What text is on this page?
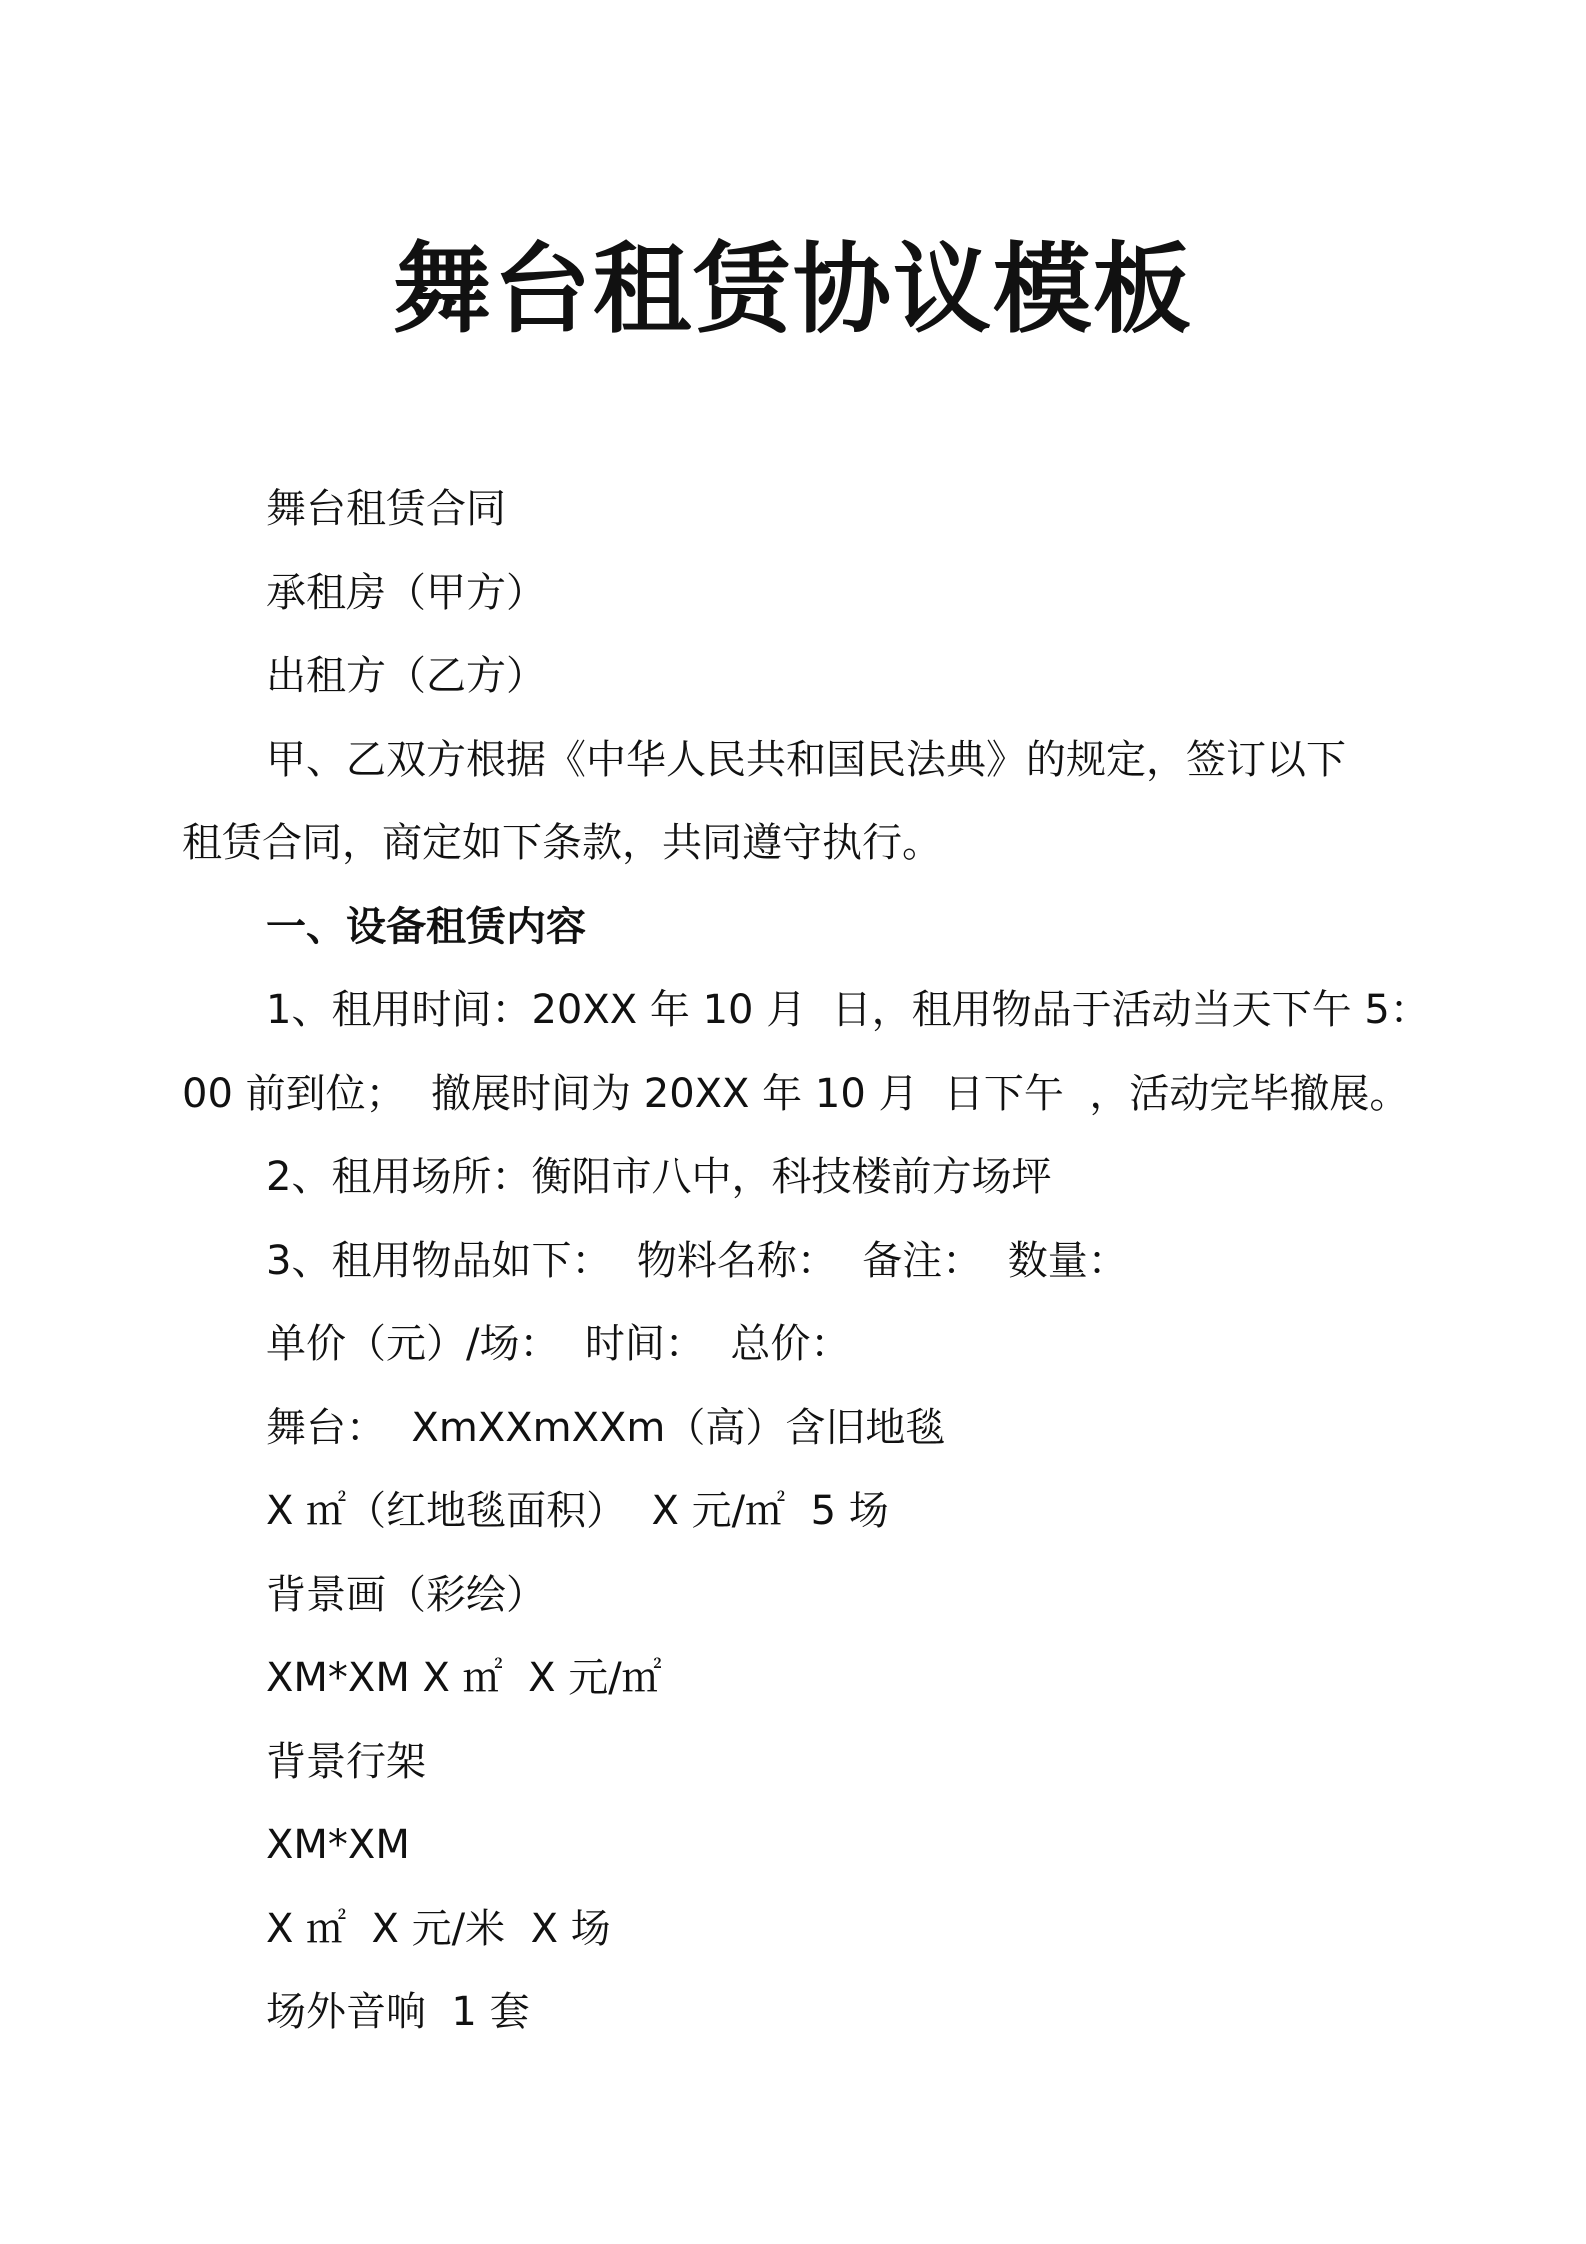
舞台租赁协议模板
舞台租赁合同
承租房（甲方）
出租方（乙方）
甲、乙双方根据《中华人民共和国民法典》的规定，签订以下
租赁合同，商定如下条款，共同遵守执行。
一、设备租赁内容
1、租用时间：20XX 年 10 月  日，租用物品于活动当天下午 5：
00 前到位；  撤展时间为 20XX 年 10 月  日下午  ，活动完毕撤展。
2、租用场所：衡阳市八中，科技楼前方场坪
3、租用物品如下：  物料名称：  备注：  数量：
单价（元）/场：  时间：  总价：
舞台：  XmXXmXXm（高）含旧地毯
X ㎡（红地毯面积）  X 元/㎡  5 场
背景画（彩绘）
XM*XM X ㎡  X 元/㎡
背景行架
XM*XM
X ㎡  X 元/米  X 场
场外音响  1 套
